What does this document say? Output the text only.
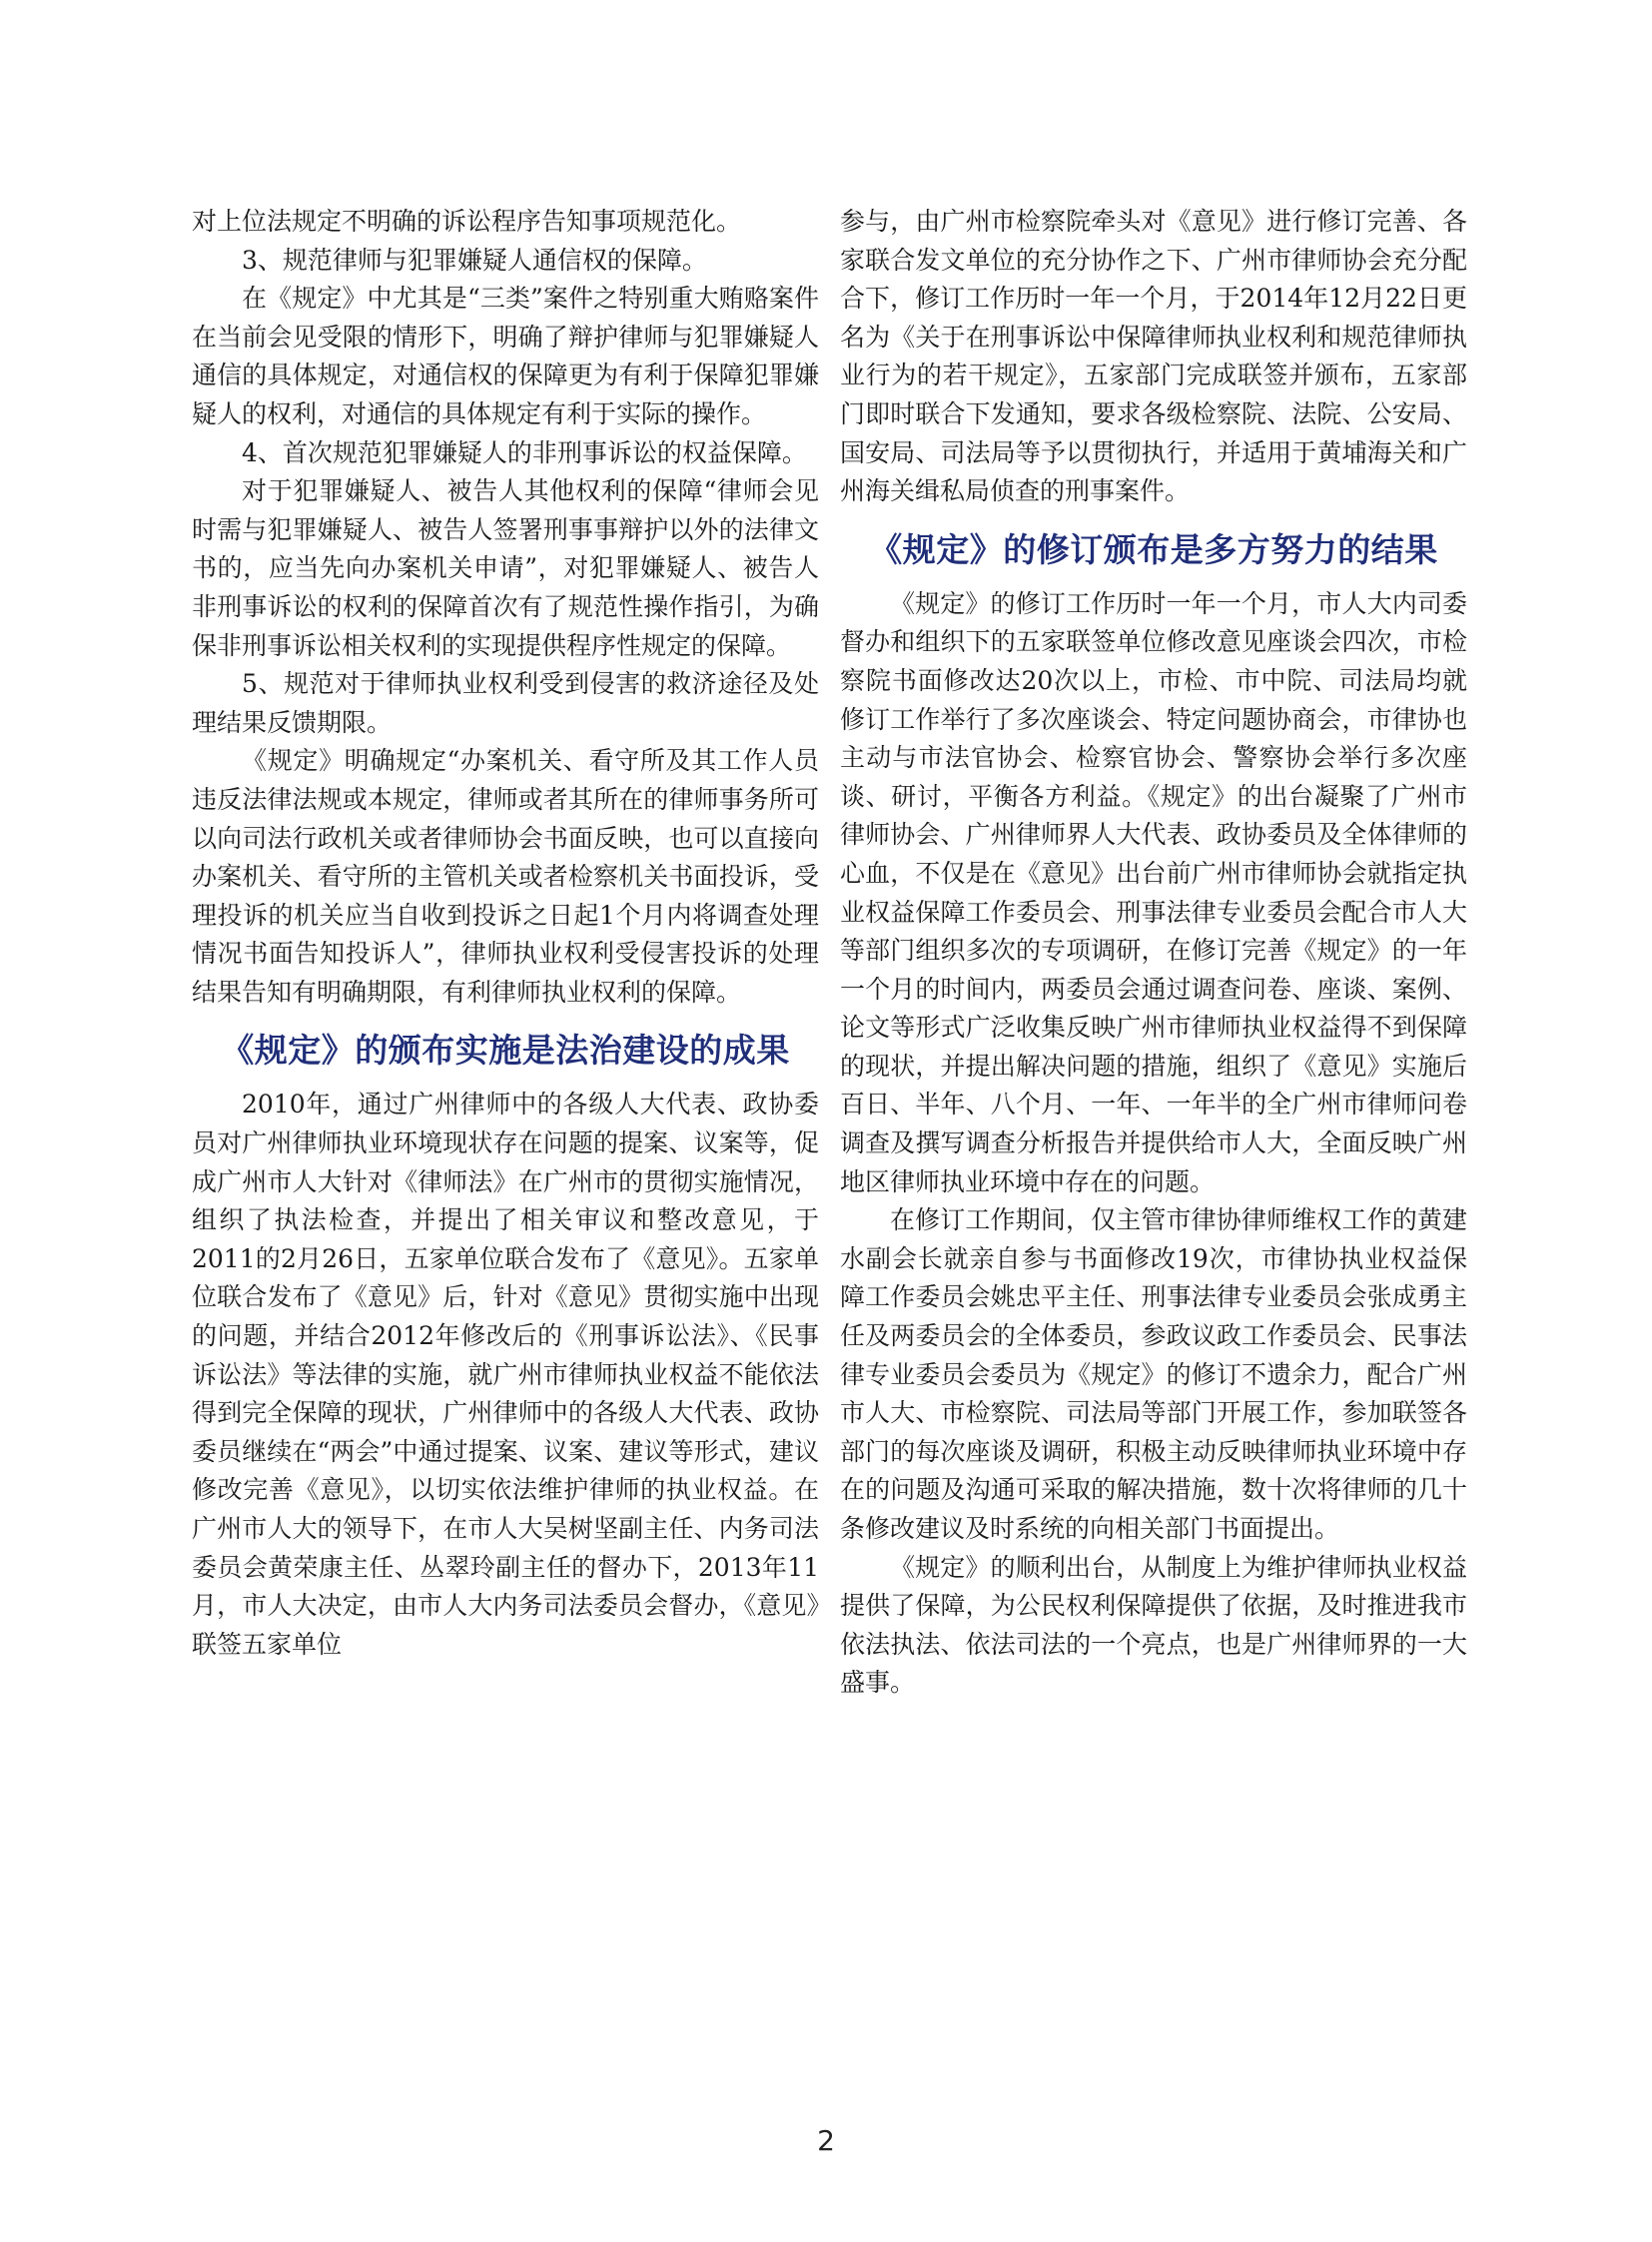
对上位法规定不明确的诉讼程序告知事项规范化。

3、规范律师与犯罪嫌疑人通信权的保障。

在《规定》中尤其是“三类”案件之特别重大贿赂案件在当前会见受限的情形下，明确了辩护律师与犯罪嫌疑人通信的具体规定，对通信权的保障更为有利于保障犯罪嫌疑人的权利，对通信的具体规定有利于实际的操作。

4、首次规范犯罪嫌疑人的非刑事诉讼的权益保障。

对于犯罪嫌疑人、被告人其他权利的保障“律师会见时需与犯罪嫌疑人、被告人签署刑事事辩护以外的法律文书的，应当先向办案机关申请”，对犯罪嫌疑人、被告人非刑事诉讼的权利的保障首次有了规范性操作指引，为确保非刑事诉讼相关权利的实现提供程序性规定的保障。

5、规范对于律师执业权利受到侵害的救济途径及处理结果反馈期限。

《规定》明确规定“办案机关、看守所及其工作人员违反法律法规或本规定，律师或者其所在的律师事务所可以向司法行政机关或者律师协会书面反映，也可以直接向办案机关、看守所的主管机关或者检察机关书面投诉，受理投诉的机关应当自收到投诉之日起1个月内将调查处理情况书面告知投诉人”，律师执业权利受侵害投诉的处理结果告知有明确期限，有利律师执业权利的保障。

《规定》的颁布实施是法治建设的成果

2010年，通过广州律师中的各级人大代表、政协委员对广州律师执业环境现状存在问题的提案、议案等，促成广州市人大针对《律师法》在广州市的贯彻实施情况，组织了执法检查，并提出了相关审议和整改意见，于2011的2月26日，五家单位联合发布了《意见》。五家单位联合发布了《意见》后，针对《意见》贯彻实施中出现的问题，并结合2012年修改后的《刑事诉讼法》、《民事诉讼法》等法律的实施，就广州市律师执业权益不能依法得到完全保障的现状，广州律师中的各级人大代表、政协委员继续在“两会”中通过提案、议案、建议等形式，建议修改完善《意见》，以切实依法维护律师的执业权益。在广州市人大的领导下，在市人大吴树坚副主任、内务司法委员会黄荣康主任、丛翠玲副主任的督办下，2013年11月，市人大决定，由市人大内务司法委员会督办，《意见》联签五家单位

参与，由广州市检察院牵头对《意见》进行修订完善、各家联合发文单位的充分协作之下、广州市律师协会充分配合下，修订工作历时一年一个月，于2014年12月22日更名为《关于在刑事诉讼中保障律师执业权利和规范律师执业行为的若干规定》，五家部门完成联签并颁布，五家部门即时联合下发通知，要求各级检察院、法院、公安局、国安局、司法局等予以贯彻执行，并适用于黄埔海关和广州海关缉私局侦查的刑事案件。

《规定》的修订颁布是多方努力的结果

《规定》的修订工作历时一年一个月，市人大内司委督办和组织下的五家联签单位修改意见座谈会四次，市检察院书面修改达20次以上，市检、市中院、司法局均就修订工作举行了多次座谈会、特定问题协商会，市律协也主动与市法官协会、检察官协会、警察协会举行多次座谈、研讨，平衡各方利益。《规定》的出台凝聚了广州市律师协会、广州律师界人大代表、政协委员及全体律师的心血，不仅是在《意见》出台前广州市律师协会就指定执业权益保障工作委员会、刑事法律专业委员会配合市人大等部门组织多次的专项调研，在修订完善《规定》的一年一个月的时间内，两委员会通过调查问卷、座谈、案例、论文等形式广泛收集反映广州市律师执业权益得不到保障的现状，并提出解决问题的措施，组织了《意见》实施后百日、半年、八个月、一年、一年半的全广州市律师问卷调查及撰写调查分析报告并提供给市人大，全面反映广州地区律师执业环境中存在的问题。

在修订工作期间，仅主管市律协律师维权工作的黄建水副会长就亲自参与书面修改19次，市律协执业权益保障工作委员会姚忠平主任、刑事法律专业委员会张成勇主任及两委员会的全体委员，参政议政工作委员会、民事法律专业委员会委员为《规定》的修订不遗余力，配合广州市人大、市检察院、司法局等部门开展工作，参加联签各部门的每次座谈及调研，积极主动反映律师执业环境中存在的问题及沟通可采取的解决措施，数十次将律师的几十条修改建议及时系统的向相关部门书面提出。

《规定》的顺利出台，从制度上为维护律师执业权益提供了保障，为公民权利保障提供了依据，及时推进我市依法执法、依法司法的一个亮点，也是广州律师界的一大盛事。

2
